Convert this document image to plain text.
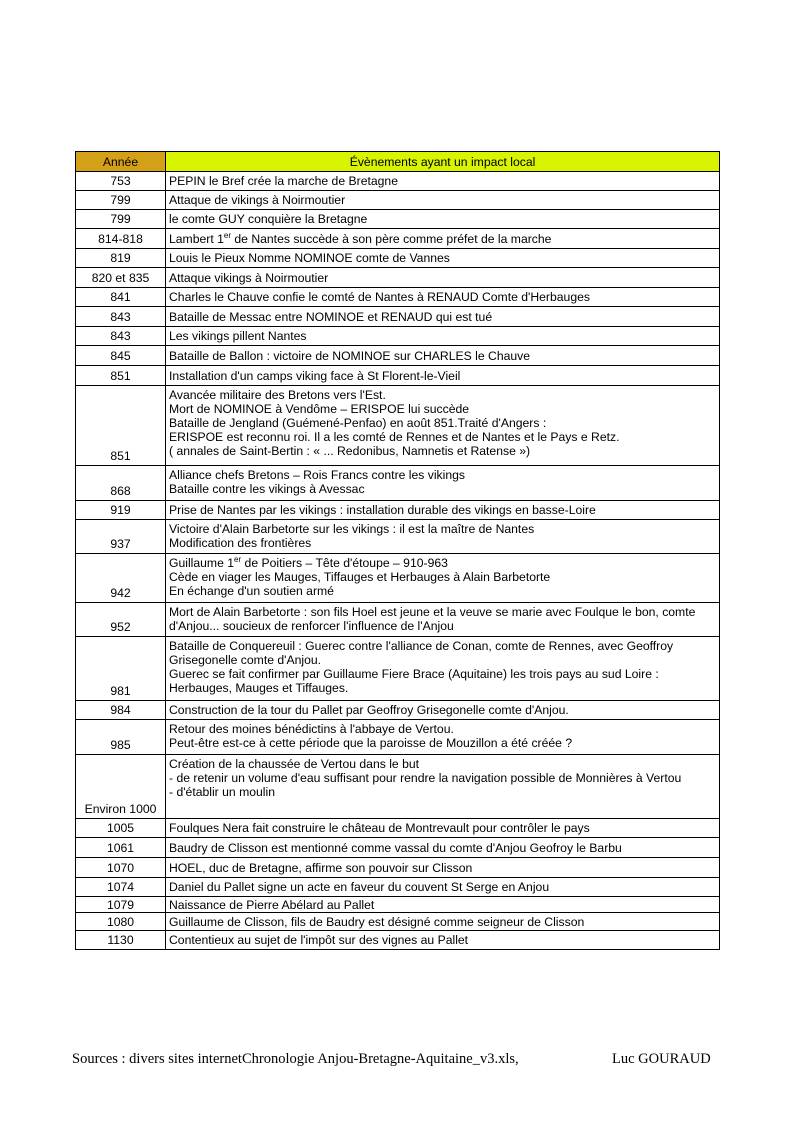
Année	Évènements ayant un impact local
753	PEPIN le Bref crée la marche de Bretagne
799	Attaque de vikings à Noirmoutier
799	le comte GUY conquière la Bretagne
814-818	Lambert 1er de Nantes succède à son père comme préfet de la marche
819	Louis le Pieux Nomme NOMINOE comte de Vannes
820 et 835	Attaque vikings à Noirmoutier
841	Charles le Chauve confie le comté de Nantes à RENAUD Comte d'Herbauges
843	Bataille de Messac entre NOMINOE et RENAUD qui est tué
843	Les vikings pillent Nantes
845	Bataille de Ballon : victoire de NOMINOE sur CHARLES le Chauve
851	Installation d'un camps viking face à St Florent-le-Vieil
851	Avancée militaire des Bretons vers l'Est.
Mort de NOMINOE à Vendôme – ERISPOE lui succède
Bataille de Jengland (Guémené-Penfao) en août 851.Traité d'Angers :
ERISPOE est reconnu roi. Il a les comté de Rennes et de Nantes et le Pays e Retz.
( annales de Saint-Bertin : « ... Redonibus, Namnetis et Ratense »)
868	Alliance chefs Bretons – Rois Francs contre les vikings
Bataille contre les vikings à Avessac
919	Prise de Nantes par les vikings : installation durable des vikings en basse-Loire
937	Victoire d'Alain Barbetorte sur les vikings : il est la maître de Nantes
Modification des frontières
942	Guillaume 1er de Poitiers – Tête d'étoupe – 910-963
Cède en viager les Mauges, Tiffauges et Herbauges à Alain Barbetorte
En échange d'un soutien armé
952	Mort de Alain Barbetorte : son fils Hoel est jeune et la veuve se marie avec Foulque le bon, comte d'Anjou... soucieux de renforcer l'influence de l'Anjou
981	Bataille de Conquereuil : Guerec contre l'alliance de Conan, comte de Rennes, avec Geoffroy Grisegonelle comte d'Anjou.
Guerec se fait confirmer par Guillaume Fiere Brace (Aquitaine) les trois pays au sud Loire : Herbauges, Mauges et Tiffauges.
984	Construction de la tour du Pallet par Geoffroy Grisegonelle comte d'Anjou.
985	Retour des moines bénédictins à l'abbaye de Vertou.
Peut-être est-ce à cette période que la paroisse de Mouzillon a été créée ?
Environ 1000	Création de la chaussée de Vertou dans le but
- de retenir un volume d'eau suffisant pour rendre la navigation possible de Monnières à Vertou
- d'établir un moulin
1005	Foulques Nera fait construire le château de Montrevault pour contrôler le pays
1061	Baudry de Clisson est mentionné comme vassal du comte d'Anjou Geofroy le Barbu
1070	HOEL, duc de Bretagne, affirme son pouvoir sur Clisson
1074	Daniel du Pallet signe un acte en faveur du couvent St Serge en Anjou
1079	Naissance de Pierre Abélard au Pallet
1080	Guillaume de Clisson, fils de Baudry est désigné comme seigneur de Clisson
1130	Contentieux au sujet de l'impôt sur des vignes au Pallet
Sources : divers sites internet Chronologie Anjou-Bretagne-Aquitaine_v3.xls,	Luc GOURAUD
